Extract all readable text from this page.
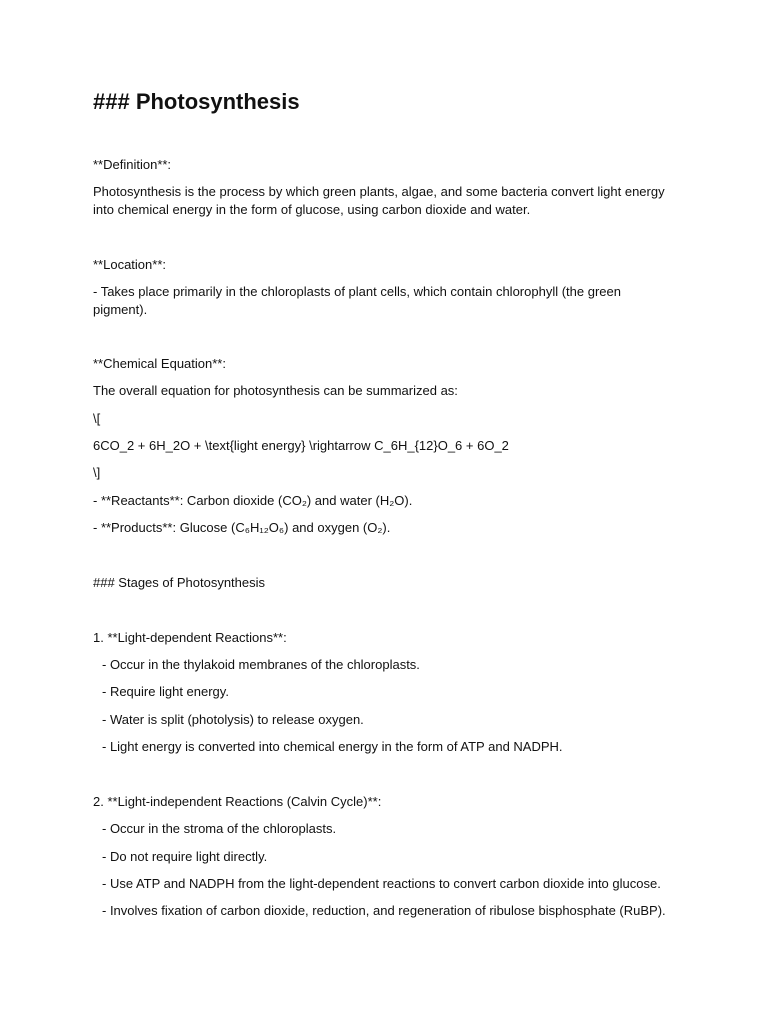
### Photosynthesis
**Definition**:
Photosynthesis is the process by which green plants, algae, and some bacteria convert light energy into chemical energy in the form of glucose, using carbon dioxide and water.
**Location**:
- Takes place primarily in the chloroplasts of plant cells, which contain chlorophyll (the green pigment).
**Chemical Equation**:
The overall equation for photosynthesis can be summarized as:
\[
6CO_2 + 6H_2O + \text{light energy} \rightarrow C_6H_{12}O_6 + 6O_2
\]
- **Reactants**: Carbon dioxide (CO₂) and water (H₂O).
- **Products**: Glucose (C₆H₁₂O₆) and oxygen (O₂).
### Stages of Photosynthesis
1. **Light-dependent Reactions**:
- Occur in the thylakoid membranes of the chloroplasts.
- Require light energy.
- Water is split (photolysis) to release oxygen.
- Light energy is converted into chemical energy in the form of ATP and NADPH.
2. **Light-independent Reactions (Calvin Cycle)**:
- Occur in the stroma of the chloroplasts.
- Do not require light directly.
- Use ATP and NADPH from the light-dependent reactions to convert carbon dioxide into glucose.
- Involves fixation of carbon dioxide, reduction, and regeneration of ribulose bisphosphate (RuBP).
